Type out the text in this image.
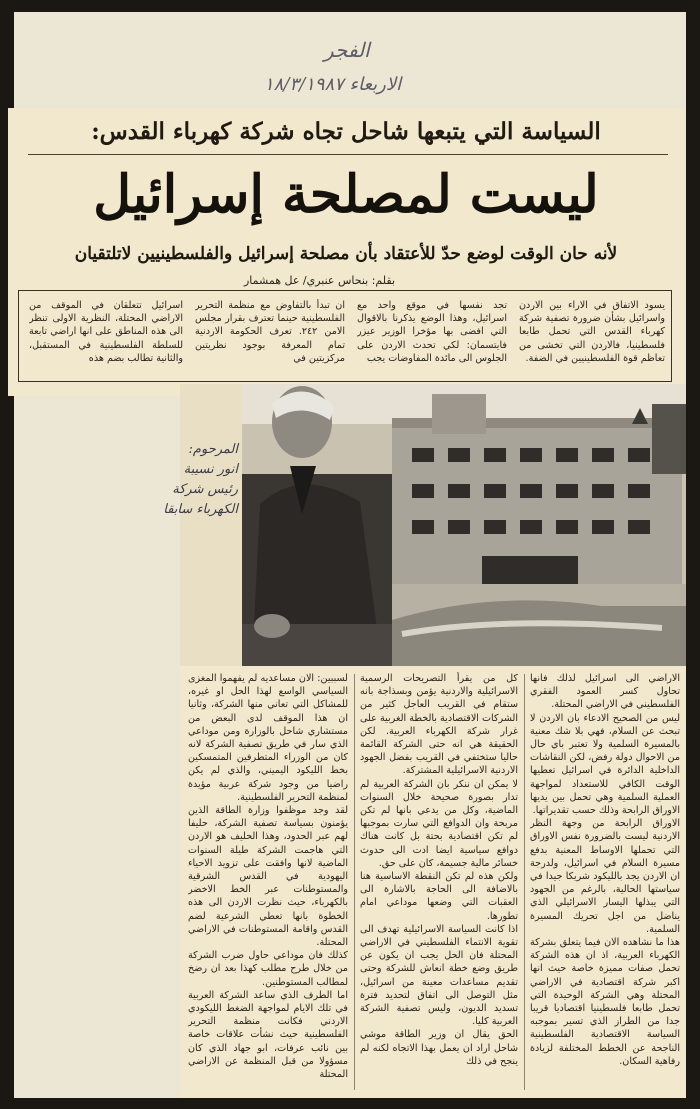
الفجر
الاربعاء ١٨/٣/١٩٨٧
السياسة التي يتبعها شاحل تجاه شركة كهرباء القدس:
ليست لمصلحة إسرائيل
لأنه حان الوقت لوضع حدّ للأعتقاد بأن مصلحة إسرائيل والفلسطينيين لاتلتقيان
بقلم: بنحاس عنبري/ عل همشمار
يسود الاتفاق في الاراء بين الاردن واسرائيل بشأن ضرورة تصفية شركة كهرباء القدس التي تحمل طابعا فلسطينيا، فالاردن التي تخشى من تعاظم قوة الفلسطينيين في الضفة.
تجد نفسها في موقع واحد مع اسرائيل، وهذا الوضع يذكرنا بالاقوال التي افضى بها مؤخرا الوزير عيزر فايتسمان: لكي تحدث الاردن على الجلوس الى مائدة المفاوضات يجب
ان تبدأ بالتفاوض مع منظمة التحرير الفلسطينية حينما تعترف بقرار مجلس الامن ٢٤٢. تعرف الحكومة الاردنية تمام المعرفة بوجود نظريتين مركزيتين في
اسرائيل تتعلقان في الموقف من الاراضي المحتلة، النظرية الاولى تنظر الى هذه المناطق على انها اراضي تابعة للسلطة الفلسطينية في المستقبل، والثانية تطالب بضم هذه
المرحوم:
انور نسيبة
رئيس شركة
الكهرباء سابقا

الاراضي الى اسرائيل لذلك فانها تحاول كسر العمود الفقري الفلسطيني في الاراضي المحتلة.

ليس من الصحيح الادعاء بان الاردن لا تبحث عن السلام، فهي بلا شك معنية بالمسيرة السلمية ولا تعتبر باي حال من الاحوال دولة رفض، لكن النقاشات الداخلية الدائرة في اسرائيل تعطيها الوقت الكافي للاستعداد لمواجهة العملية السلمية وهي تحمل بين يديها الاوراق الرابحة وذلك حسب تقديراتها.

الاوراق الرابحة من وجهة النظر الاردنية ليست بالضرورة نفس الاوراق التي تحملها الاوساط المعنية بدفع مسيرة السلام في اسرائيل، ولدرجة ان الاردن يجد بالليكود شريكا جيدا في سياستها الحالية، بالرغم من الجهود التي يبذلها اليسار الاسرائيلي الذي يناضل من اجل تحريك المسيرة السلمية.

هذا ما نشاهده الان فيما يتعلق بشركة الكهرباء العربية، اذ ان هذه الشركة تحمل صفات مميزة خاصة حيث انها اكبر شركة اقتصادية في الاراضي المحتلة وهي الشركة الوحيدة التي تحمل طابعا فلسطينيا اقتصاديا قريبا جدا من الطراز الذي تسير بموجبه السياسة الاقتصادية الفلسطينية الناجحة عن الخطط المختلفة لزيادة رفاهية السكان.

كل من يقرأ التصريحات الرسمية الاسرائيلية والاردنية يؤمن وبسذاجة بانه ستقام في القريب العاجل كثير من الشركات الاقتصادية بالخطة الغربية على غرار شركة الكهرباء العربية. لكن الحقيقة هي انه حتى الشركة القائمة حاليا ستختفي في القريب بفضل الجهود الاردنية الاسرائيلية المشتركة.

لا يمكن ان ننكر بان الشركة العربية لم تدار بصورة صحيحة خلال السنوات الماضية، وكل من يدعي بانها لم تكن مربحة وان الدوافع التي سارت بموجبها لم تكن اقتصادية بحتة بل كانت هناك دوافع سياسية ايضا ادت الى حدوث خسائر مالية جسيمة، كان على حق.

ولكن هذه لم تكن النقطة الاساسية هنا بالاضافة الى الحاجة بالاشارة الى العقبات التي وضعها موداعي امام تطورها.

اذا كانت السياسة الاسرائيلية تهدف الى تقوية الانتماء الفلسطيني في الاراضي المحتلة فان الحل يجب ان يكون عن طريق وضع خطة انعاش للشركة وحتى تقديم مساعدات معينة من اسرائيل، مثل التوصل الى اتفاق لتحديد فترة تسديد الديون، وليس تصفية الشركة العربية كليا.

الحق يقال ان وزير الطاقة موشي شاحل اراد ان يعمل بهذا الاتجاه لكنه لم ينجح في ذلك

لسببين: الان مساعديه لم يفهموا المغزى السياسي الواسع لهذا الحل او غيره، للمشاكل التي تعاني منها الشركة، وثانيا ان هذا الموقف لدى البعض من مستشاري شاحل بالوزارة ومن موداعي الذي سار في طريق تصفية الشركة لانه كان من الوزراء المتطرفين المتمسكين بخط الليكود اليميني، والذي لم يكن راضيا من وجود شركة عربية مؤيدة لمنظمة التحرير الفلسطينية.

لقد وجد موظفوا وزارة الطاقة الذين يؤمنون بسياسة تصفية الشركة، حليفا لهم عبر الحدود، وهذا الحليف هو الاردن التي هاجمت الشركة طيلة السنوات الماضية لانها وافقت على تزويد الاحياء اليهودية في القدس الشرقية والمستوطنات عبر الخط الاخضر بالكهرباء، حيث نظرت الاردن الى هذه الخطوة بانها تعطي الشرعية لضم القدس واقامة المستوطنات في الاراضي المحتلة.

كذلك فان موداعي حاول ضرب الشركة من خلال طرح مطلب كهذا بعد ان رضخ لمطالب المستوطنين.

اما الطرف الذي ساعد الشركة العربية في تلك الايام لمواجهة الضغط الليكودي الاردني فكانت منظمة التحرير الفلسطينية حيث نشأت علاقات خاصة بين نائب عرفات، ابو جهاد الذي كان مسؤولا من قبل المنظمة عن الاراضي المحتلة
